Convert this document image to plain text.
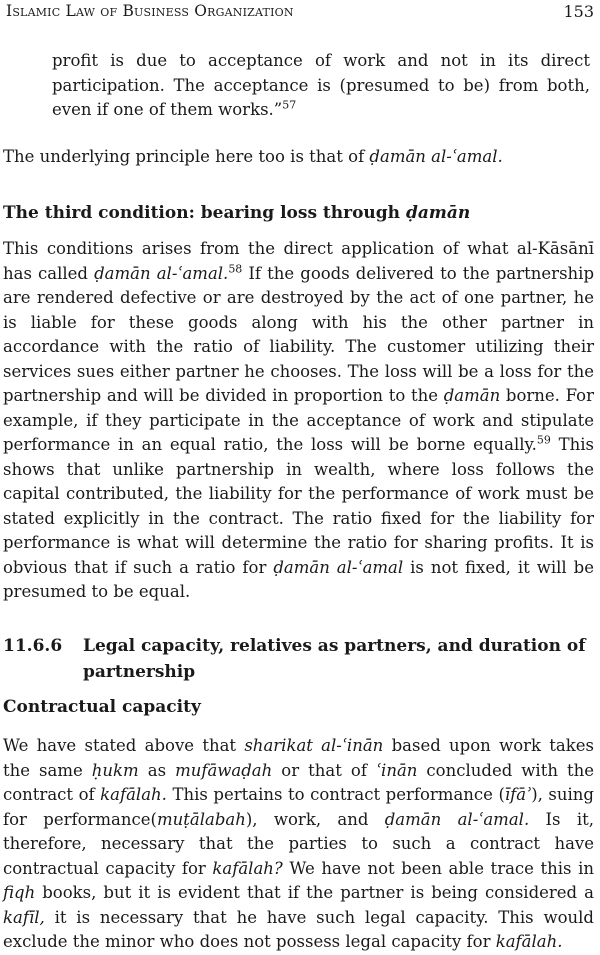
Islamic Law of Business Organization	153

profit is due to acceptance of work and not in its direct participation. The acceptance is (presumed to be) from both, even if one of them works.”$^{57}$

The underlying principle here too is that of ḍamān al-ʿamal.

The third condition: bearing loss through ḍamān

This conditions arises from the direct application of what al-Kāsānī has called ḍamān al-ʿamal.$^{58}$ If the goods delivered to the partnership are rendered defective or are destroyed by the act of one partner, he is liable for these goods along with his the other partner in accordance with the ratio of liability. The customer utilizing their services sues either partner he chooses. The loss will be a loss for the partnership and will be divided in proportion to the ḍamān borne. For example, if they participate in the acceptance of work and stipulate performance in an equal ratio, the loss will be borne equally.$^{59}$ This shows that unlike partnership in wealth, where loss follows the capital contributed, the liability for the performance of work must be stated explicitly in the contract. The ratio fixed for the liability for performance is what will determine the ratio for sharing profits. It is obvious that if such a ratio for ḍamān al-ʿamal is not fixed, it will be presumed to be equal.

11.6.6	Legal capacity, relatives as partners, and duration of partnership
Contractual capacity

We have stated above that sharikat al-ʿinān based upon work takes the same ḥukm as mufāwaḍah or that of ʿinān concluded with the contract of kafālah. This pertains to contract performance (īfāʾ), suing for performance(muṭālabah), work, and ḍamān al-ʿamal. Is it, therefore, necessary that the parties to such a contract have contractual capacity for kafālah? We have not been able trace this in fiqh books, but it is evident that if the partner is being considered a kafīl, it is necessary that he have such legal capacity. This would exclude the minor who does not possess legal capacity for kafālah.
